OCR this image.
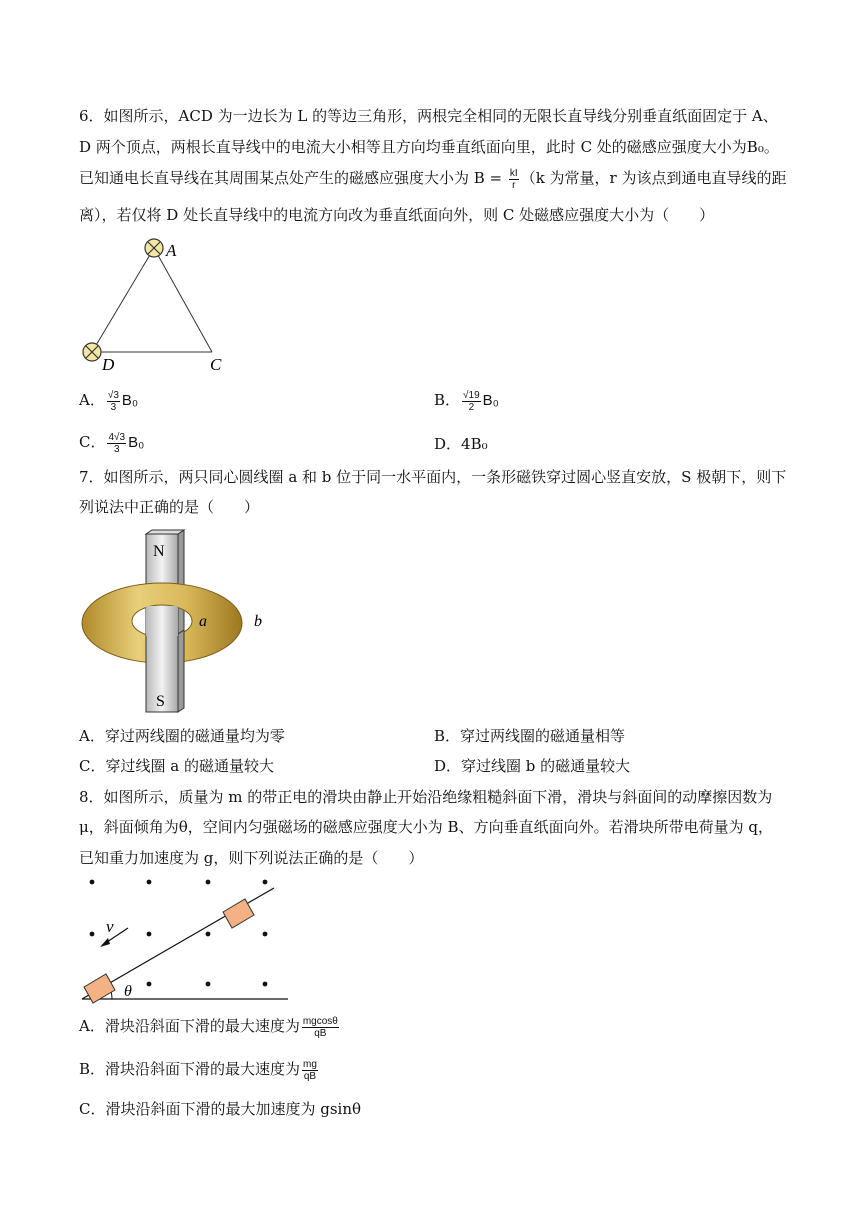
6．如图所示，ACD 为一边长为 L 的等边三角形，两根完全相同的无限长直导线分别垂直纸面固定于 A、
D 两个顶点，两根长直导线中的电流大小相等且方向均垂直纸面向里，此时 C 处的磁感应强度大小为B₀。
已知通电长直导线在其周围某点处产生的磁感应强度大小为 $B = \frac{kI}{r} (k$ 为常量，r 为该点到通电直导线的距
离），若仅将 D 处长直导线中的电流方向改为垂直纸面向外，则 C 处磁感应强度大小为（　　）
A
D	C
A． $\frac{√3}{3} B_0$	B． $\frac{√19}{2} B_0$
C． $\frac{4√3}{3} B_0$	D．4B₀
7．如图所示，两只同心圆线圈 a 和 b 位于同一水平面内，一条形磁铁穿过圆心竖直安放，S 极朝下，则下
列说法中正确的是（　　）
N
S
a	b
A．穿过两线圈的磁通量均为零	B．穿过两线圈的磁通量相等
C．穿过线圈 a 的磁通量较大	D．穿过线圈 b 的磁通量较大
8．如图所示，质量为 m 的带正电的滑块由静止开始沿绝缘粗糙斜面下滑，滑块与斜面间的动摩擦因数为
μ，斜面倾角为θ，空间内匀强磁场的磁感应强度大小为 B、方向垂直纸面向外。若滑块所带电荷量为 q，
已知重力加速度为 g，则下列说法正确的是（　　）
v
θ
A．滑块沿斜面下滑的最大速度为 $\frac{mgcos\theta}{qB}$
B．滑块沿斜面下滑的最大速度为 $\frac{mg}{qB}$
C．滑块沿斜面下滑的最大加速度为 gsinθ
